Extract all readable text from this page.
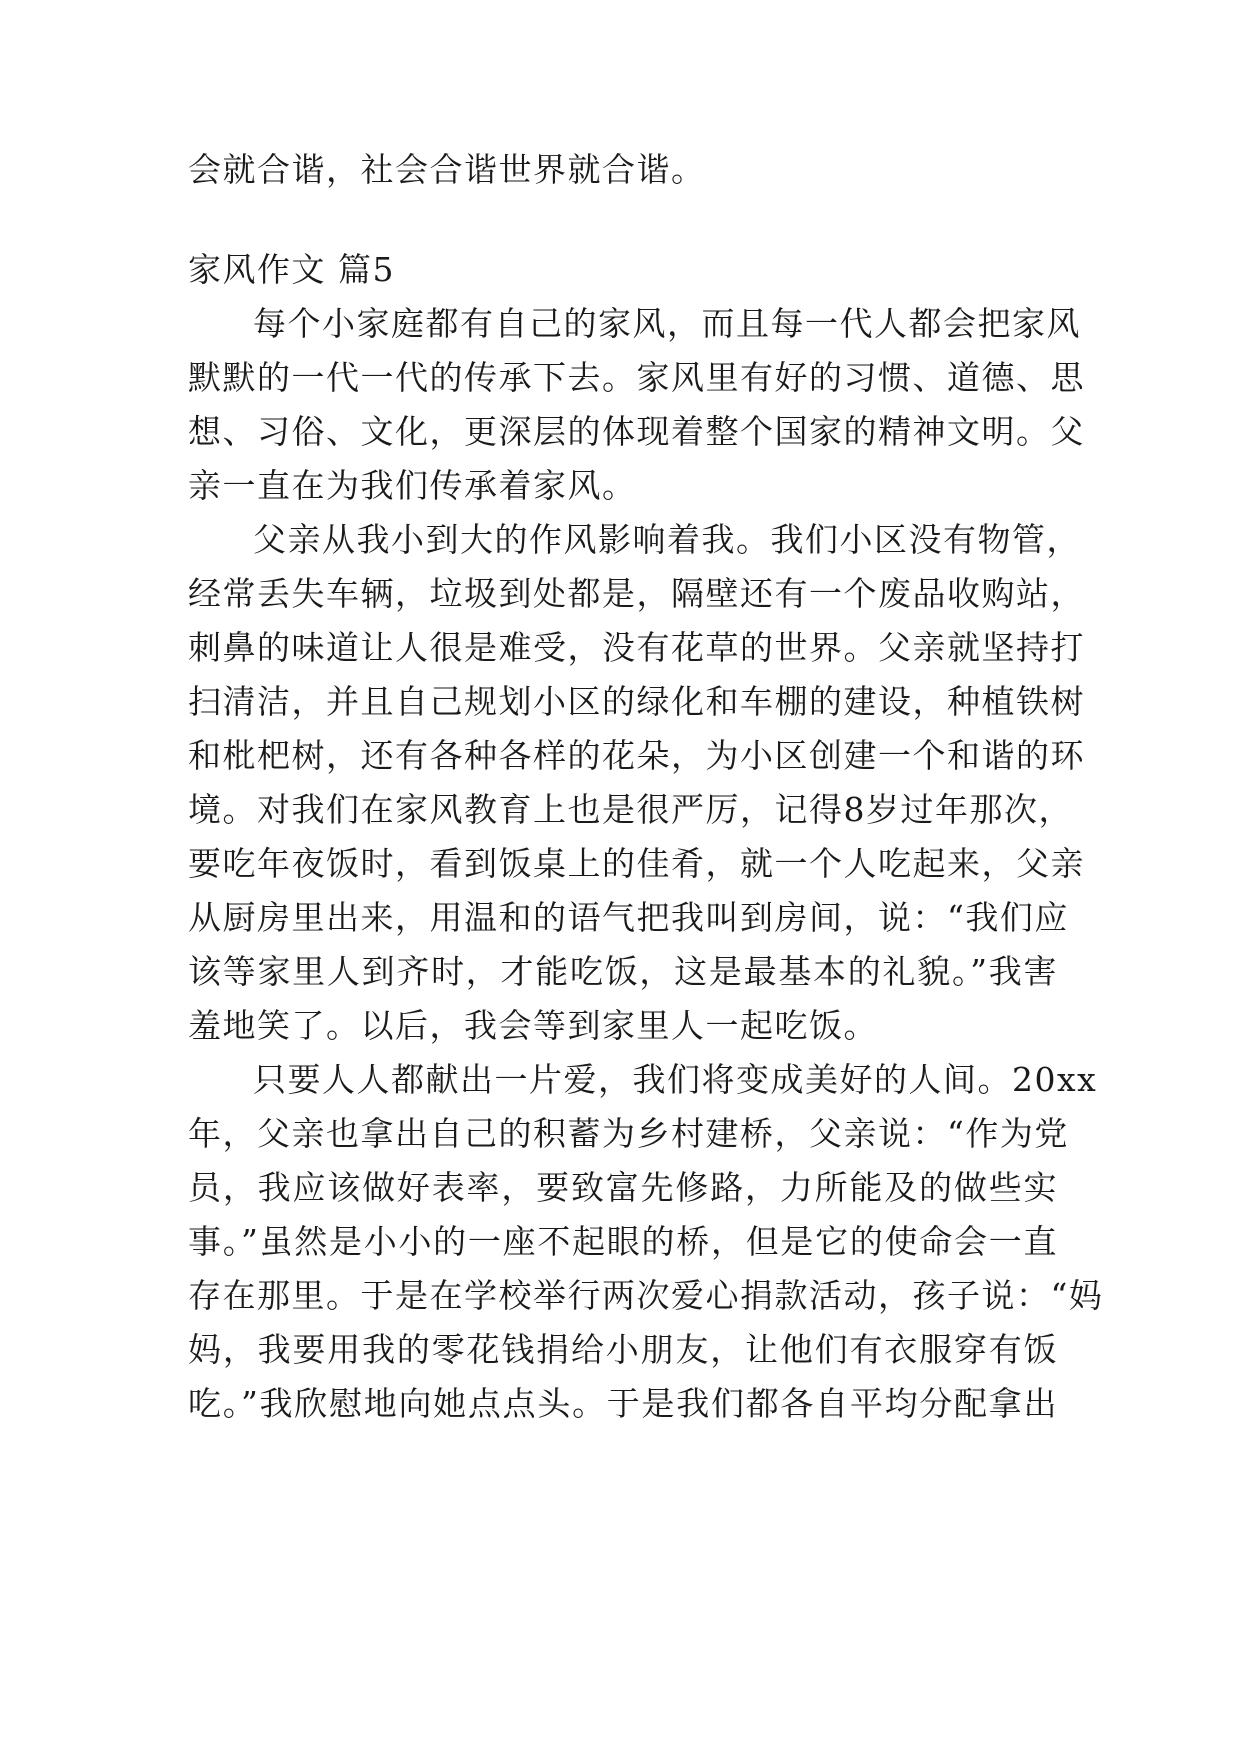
会就合谐，社会合谐世界就合谐。
家风作文 篇5
每个小家庭都有自己的家风，而且每一代人都会把家风
默默的一代一代的传承下去。家风里有好的习惯、道德、思
想、习俗、文化，更深层的体现着整个国家的精神文明。父
亲一直在为我们传承着家风。
父亲从我小到大的作风影响着我。我们小区没有物管，
经常丢失车辆，垃圾到处都是，隔壁还有一个废品收购站，
刺鼻的味道让人很是难受，没有花草的世界。父亲就坚持打
扫清洁，并且自己规划小区的绿化和车棚的建设，种植铁树
和枇杷树，还有各种各样的花朵，为小区创建一个和谐的环
境。对我们在家风教育上也是很严厉，记得8岁过年那次，
要吃年夜饭时，看到饭桌上的佳肴，就一个人吃起来，父亲
从厨房里出来，用温和的语气把我叫到房间，说：“我们应
该等家里人到齐时，才能吃饭，这是最基本的礼貌。”我害
羞地笑了。以后，我会等到家里人一起吃饭。
只要人人都献出一片爱，我们将变成美好的人间。20xx
年，父亲也拿出自己的积蓄为乡村建桥，父亲说：“作为党
员，我应该做好表率，要致富先修路，力所能及的做些实
事。”虽然是小小的一座不起眼的桥，但是它的使命会一直
存在那里。于是在学校举行两次爱心捐款活动，孩子说：“妈
妈，我要用我的零花钱捐给小朋友，让他们有衣服穿有饭
吃。”我欣慰地向她点点头。于是我们都各自平均分配拿出
